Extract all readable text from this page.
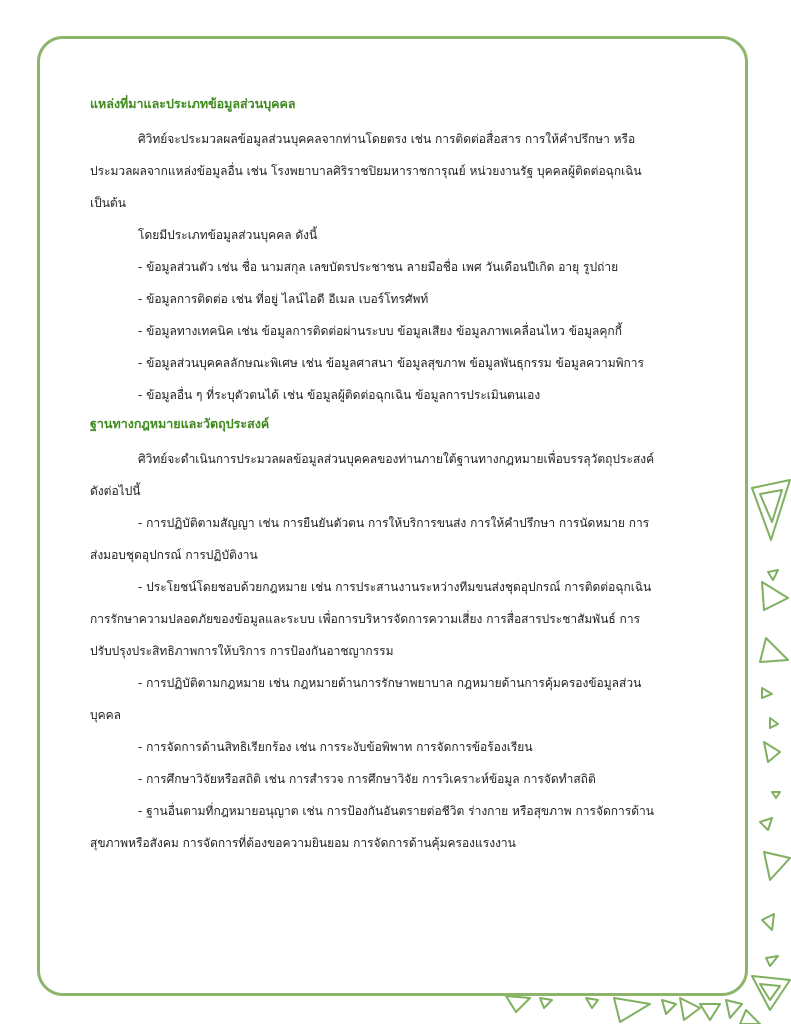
แหล่งที่มาและประเภทข้อมูลส่วนบุคคล
ศิวิทย์จะประมวลผลข้อมูลส่วนบุคคลจากท่านโดยตรง เช่น การติดต่อสื่อสาร การให้คำปรึกษา หรือ
ประมวลผลจากแหล่งข้อมูลอื่น เช่น โรงพยาบาลศิริราชปิยมหาราชการุณย์ หน่วยงานรัฐ บุคคลผู้ติดต่อฉุกเฉิน
เป็นต้น
โดยมีประเภทข้อมูลส่วนบุคคล ดังนี้
- ข้อมูลส่วนตัว เช่น ชื่อ นามสกุล เลขบัตรประชาชน ลายมือชื่อ เพศ วันเดือนปีเกิด อายุ รูปถ่าย
- ข้อมูลการติดต่อ เช่น ที่อยู่ ไลน์ไอดี อีเมล เบอร์โทรศัพท์
- ข้อมูลทางเทคนิค เช่น ข้อมูลการติดต่อผ่านระบบ ข้อมูลเสียง ข้อมูลภาพเคลื่อนไหว ข้อมูลคุกกี้
- ข้อมูลส่วนบุคคลลักษณะพิเศษ เช่น ข้อมูลศาสนา ข้อมูลสุขภาพ ข้อมูลพันธุกรรม ข้อมูลความพิการ
- ข้อมูลอื่น ๆ ที่ระบุตัวตนได้ เช่น ข้อมูลผู้ติดต่อฉุกเฉิน ข้อมูลการประเมินตนเอง
ฐานทางกฎหมายและวัตถุประสงค์
ศิวิทย์จะดำเนินการประมวลผลข้อมูลส่วนบุคคลของท่านภายใต้ฐานทางกฎหมายเพื่อบรรลุวัตถุประสงค์
ดังต่อไปนี้
- การปฏิบัติตามสัญญา เช่น การยืนยันตัวตน การให้บริการขนส่ง การให้คำปรึกษา การนัดหมาย การ
ส่งมอบชุดอุปกรณ์ การปฏิบัติงาน
- ประโยชน์โดยชอบด้วยกฎหมาย เช่น การประสานงานระหว่างทีมขนส่งชุดอุปกรณ์ การติดต่อฉุกเฉิน
การรักษาความปลอดภัยของข้อมูลและระบบ เพื่อการบริหารจัดการความเสี่ยง การสื่อสารประชาสัมพันธ์ การ
ปรับปรุงประสิทธิภาพการให้บริการ การป้องกันอาชญากรรม
- การปฏิบัติตามกฎหมาย เช่น กฎหมายด้านการรักษาพยาบาล กฎหมายด้านการคุ้มครองข้อมูลส่วน
บุคคล
- การจัดการด้านสิทธิเรียกร้อง เช่น การระงับข้อพิพาท การจัดการข้อร้องเรียน
- การศึกษาวิจัยหรือสถิติ เช่น การสำรวจ การศึกษาวิจัย การวิเคราะห์ข้อมูล การจัดทำสถิติ
- ฐานอื่นตามที่กฎหมายอนุญาต เช่น การป้องกันอันตรายต่อชีวิต ร่างกาย หรือสุขภาพ การจัดการด้าน
สุขภาพหรือสังคม การจัดการที่ต้องขอความยินยอม การจัดการด้านคุ้มครองแรงงาน
